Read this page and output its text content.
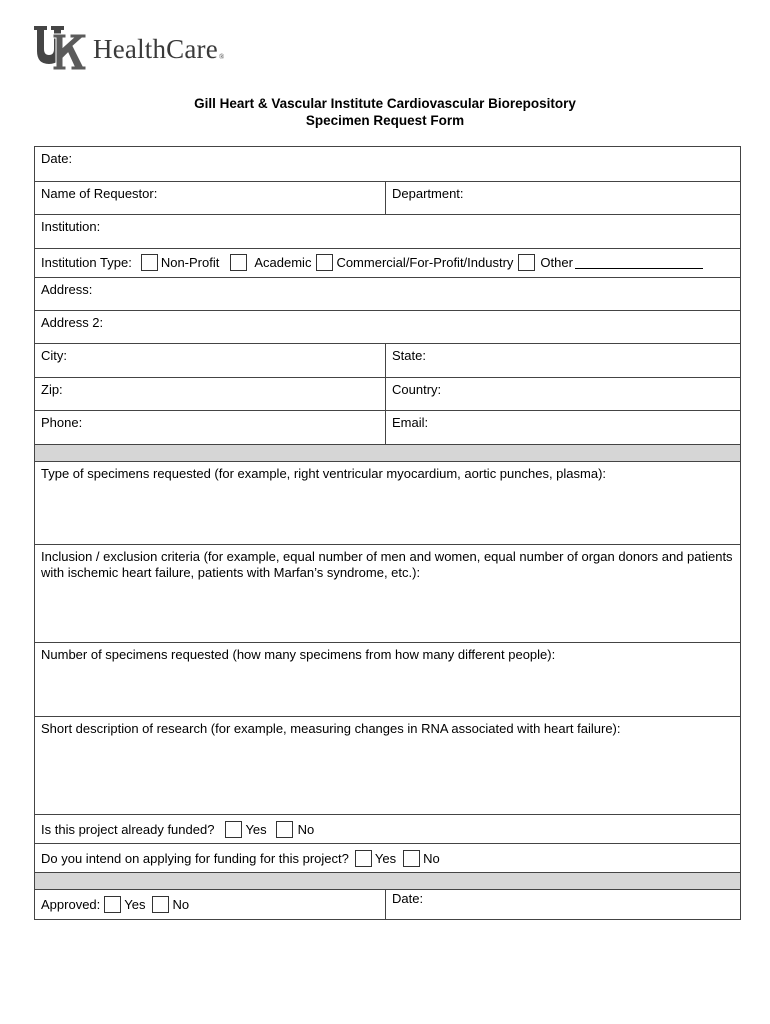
HealthCare®
Gill Heart & Vascular Institute Cardiovascular Biorepository
Specimen Request Form
Date:
Name of Requestor:	Department:
Institution:
Institution Type: Non-Profit	Academic Commercial/For-Profit/Industry Other
Address:
Address 2:
City:	State:
Zip:	Country:
Phone:	Email:
Type of specimens requested (for example, right ventricular myocardium, aortic punches, plasma):
Inclusion / exclusion criteria (for example, equal number of men and women, equal number of organ donors and patients with ischemic heart failure, patients with Marfan’s syndrome, etc.):
Number of specimens requested (how many specimens from how many different people):
Short description of research (for example, measuring changes in RNA associated with heart failure):
Is this project already funded? Yes No
Do you intend on applying for funding for this project? Yes No
Approved: Yes No	Date:
